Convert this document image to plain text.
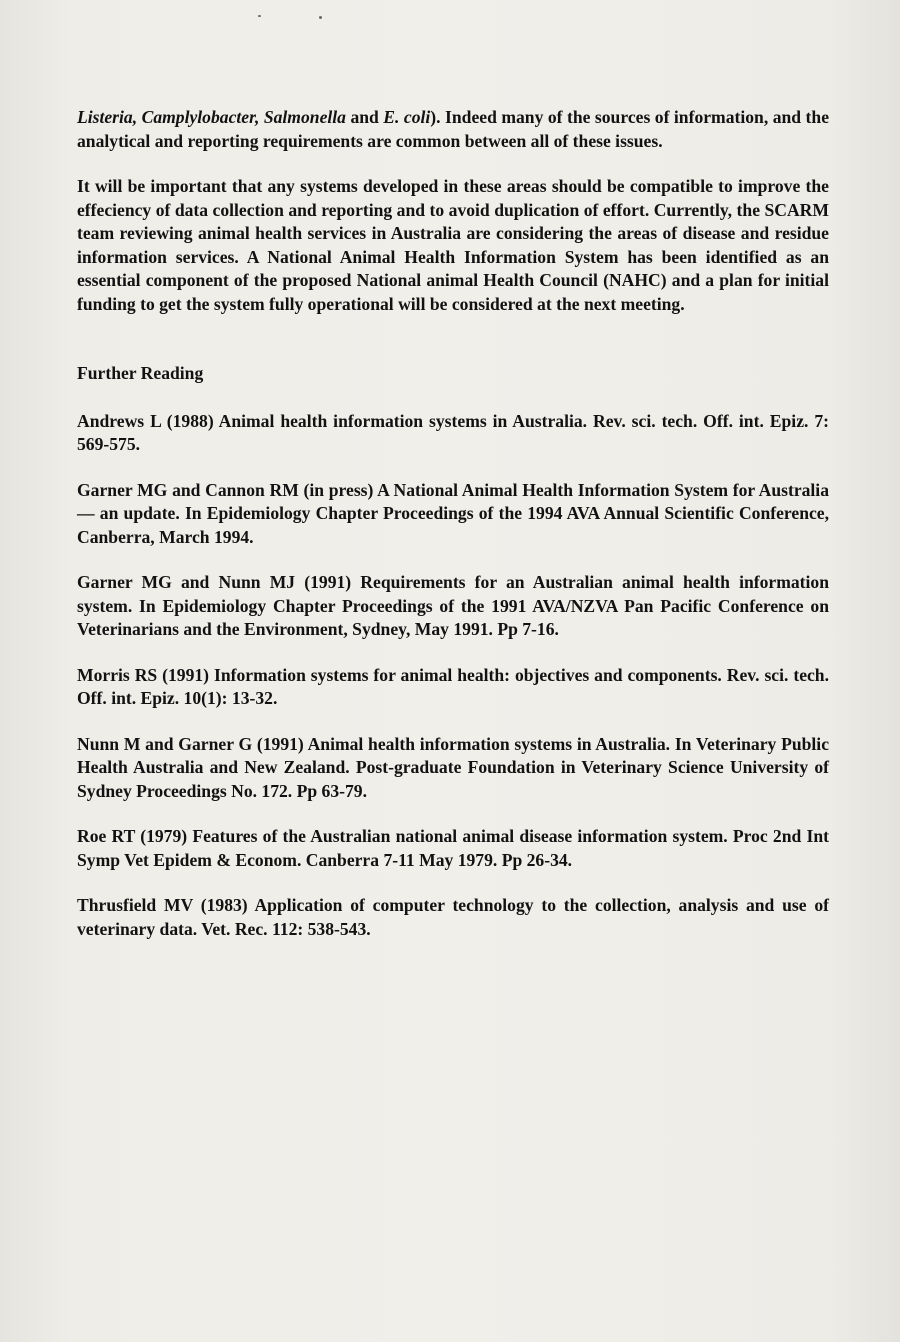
Listeria, Camplylobacter, Salmonella and E. coli). Indeed many of the sources of information, and the analytical and reporting requirements are common between all of these issues.

It will be important that any systems developed in these areas should be compatible to improve the effeciency of data collection and reporting and to avoid duplication of effort. Currently, the SCARM team reviewing animal health services in Australia are considering the areas of disease and residue information services. A National Animal Health Information System has been identified as an essential component of the proposed National animal Health Council (NAHC) and a plan for initial funding to get the system fully operational will be considered at the next meeting.

Further Reading

Andrews L (1988) Animal health information systems in Australia. Rev. sci. tech. Off. int. Epiz. 7: 569-575.

Garner MG and Cannon RM (in press) A National Animal Health Information System for Australia — an update. In Epidemiology Chapter Proceedings of the 1994 AVA Annual Scientific Conference, Canberra, March 1994.

Garner MG and Nunn MJ (1991) Requirements for an Australian animal health information system. In Epidemiology Chapter Proceedings of the 1991 AVA/NZVA Pan Pacific Conference on Veterinarians and the Environment, Sydney, May 1991. Pp 7-16.

Morris RS (1991) Information systems for animal health: objectives and components. Rev. sci. tech. Off. int. Epiz. 10(1): 13-32.

Nunn M and Garner G (1991) Animal health information systems in Australia. In Veterinary Public Health Australia and New Zealand. Post-graduate Foundation in Veterinary Science University of Sydney Proceedings No. 172. Pp 63-79.

Roe RT (1979) Features of the Australian national animal disease information system. Proc 2nd Int Symp Vet Epidem & Econom. Canberra 7-11 May 1979. Pp 26-34.

Thrusfield MV (1983) Application of computer technology to the collection, analysis and use of veterinary data. Vet. Rec. 112: 538-543.
